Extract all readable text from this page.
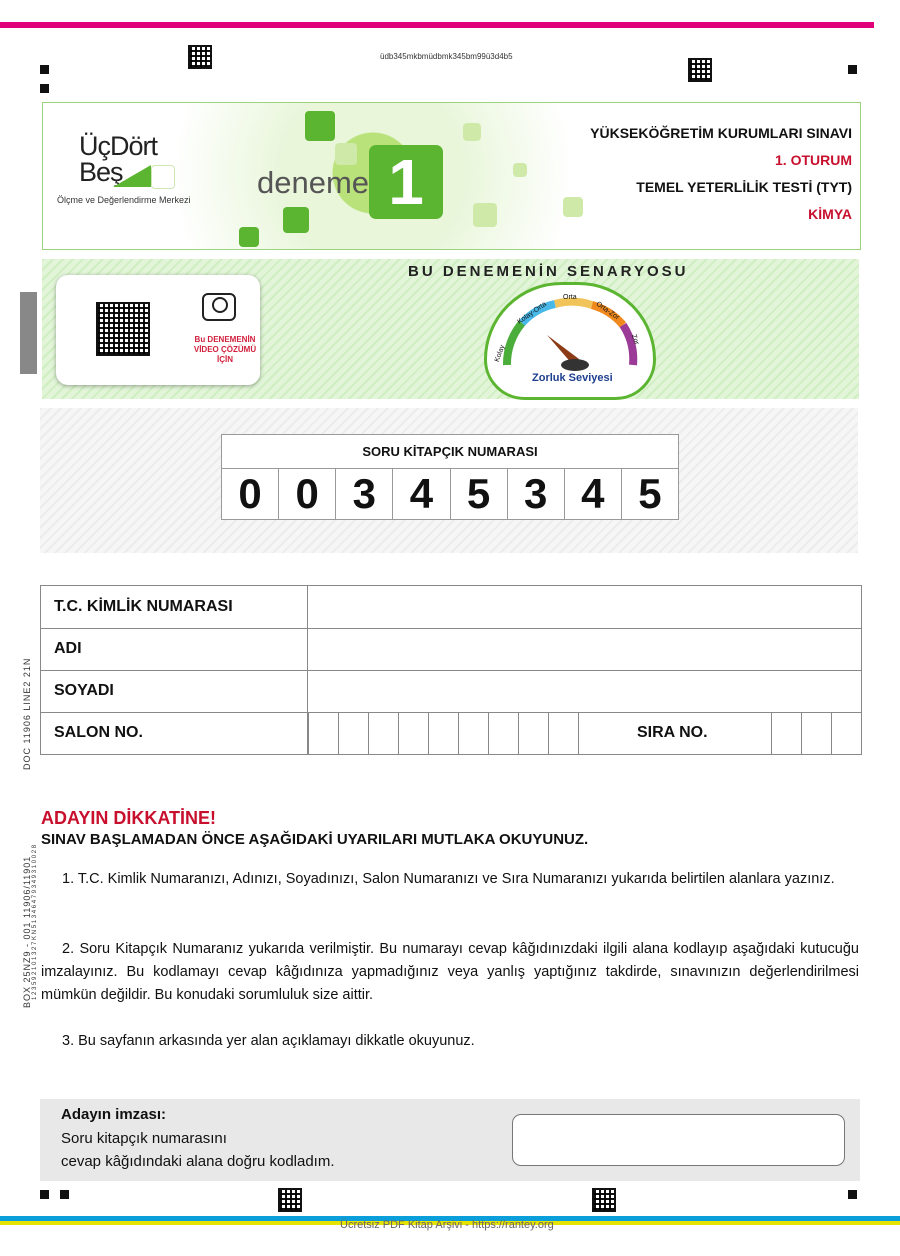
üdb345mkbmüdbmk345bm99ü3d4b5
ÜçDört
Beş
Ölçme ve Değerlendirme Merkezi deneme 1
YÜKSEKÖĞRETİM KURUMLARI SINAVI
1. OTURUM
TEMEL YETERLİLİK TESTİ (TYT)
KİMYA
BU DENEMENİN SENARYOSU
Bu DENEMENİN
VİDEO ÇÖZÜMÜ
İÇİN	Kolay
Kolay-Orta
Orta
Orta-Zor
Zor
Zorluk Seviyesi
SORU KİTAPÇIK NUMARASI
0 0 3 4 5 3 4 5
T.C. KİMLİK NUMARASI
ADI
SOYADI
SALON NO.	SIRA NO.
DOC 11906 LINE2 21N
BOX 25NZ9 - 001 11906/11901 1 2 3 5 9 2 1 0 1 3 2 7 K N 5 1 3 4 6 4 7 9 3 4 9 3 1 0 0 2 8
ADAYIN DİKKATİNE!
SINAV BAŞLAMADAN ÖNCE AŞAĞIDAKİ UYARILARI MUTLAKA OKUYUNUZ.
1. T.C. Kimlik Numaranızı, Adınızı, Soyadınızı, Salon Numaranızı ve Sıra Numaranızı yukarıda belirtilen alanlara yazınız.
2. Soru Kitapçık Numaranız yukarıda verilmiştir. Bu numarayı cevap kâğıdınızdaki ilgili alana kodlayıp aşağıdaki kutucuğu imzalayınız. Bu kodlamayı cevap kâğıdınıza yapmadığınız veya yanlış yaptığınız takdirde, sınavınızın değerlendirilmesi mümkün değildir. Bu konudaki sorumluluk size aittir.
3. Bu sayfanın arkasında yer alan açıklamayı dikkatle okuyunuz.
Adayın imzası:
Soru kitapçık numarasını
cevap kâğıdındaki alana doğru kodladım.
Ücretsiz PDF Kitap Arşivi - https://rantey.org
